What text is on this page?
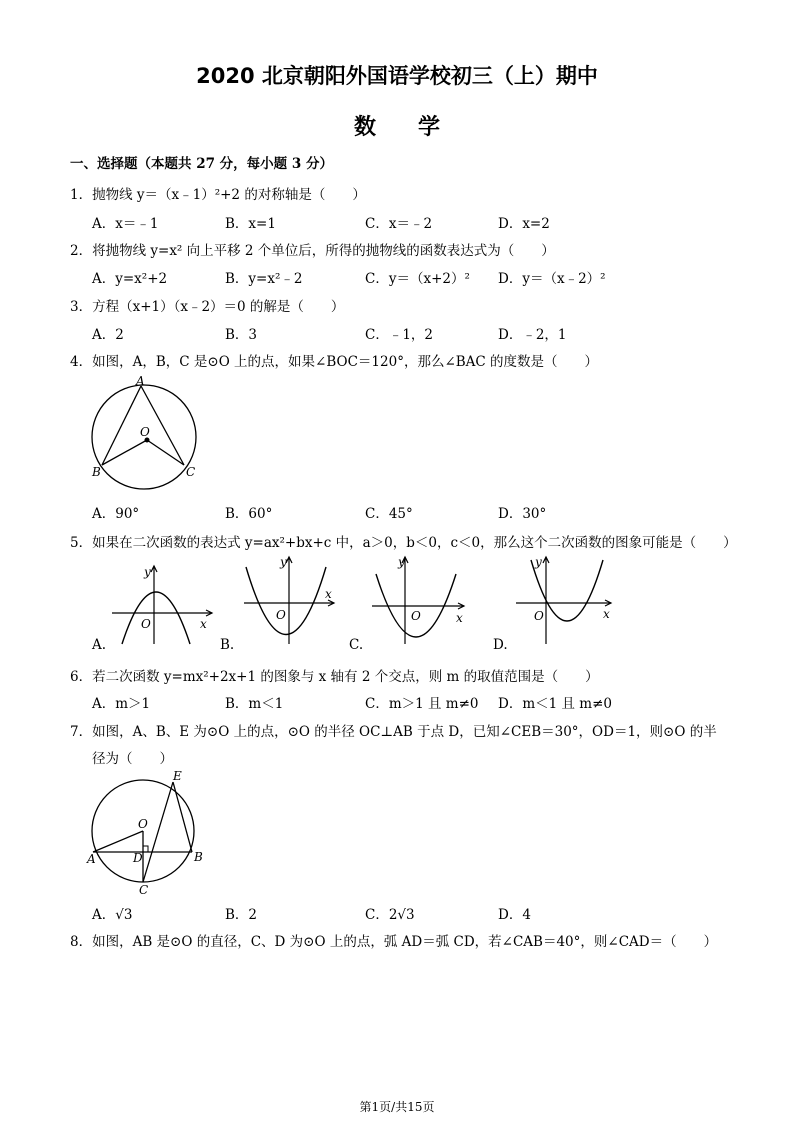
2020 北京朝阳外国语学校初三（上）期中
数学
一、选择题（本题共 27 分，每小题 3 分）
1．抛物线 y＝（x﹣1）²+2 的对称轴是（　　）
A．x＝﹣1	B．x=1	C．x＝﹣2	D．x=2
2．将抛物线 y=x² 向上平移 2 个单位后，所得的抛物线的函数表达式为（　　）
A．y=x²+2	B．y=x²﹣2	C．y＝（x+2）² D．y＝（x﹣2）²
3．方程（x+1）（x﹣2）＝0 的解是（　　）
A．2	B．3	C．﹣1，2	D．﹣2，1
4．如图，A，B，C 是⊙O 上的点，如果∠BOC＝120°，那么∠BAC 的度数是（　　）
A
O
B	C
A．90°	B．60°	C．45°	D．30°
5．如果在二次函数的表达式 y=ax²+bx+c 中，a＞0，b＜0，c＜0，那么这个二次函数的图象可能是（　　）
y
x
O
y
x
O
y
x
O
y
x
O
A.	B.	C.	D.
6．若二次函数 y=mx²+2x+1 的图象与 x 轴有 2 个交点，则 m 的取值范围是（　　）
A．m＞1	B．m＜1	C．m＞1 且 m≠0 D．m＜1 且 m≠0
7．如图，A、B、E 为⊙O 上的点，⊙O 的半径 OC⊥AB 于点 D，已知∠CEB＝30°，OD＝1，则⊙O 的半
径为（　　）
E
O
A	D	B
C
A．√3	B．2	C．2√3	D．4
8．如图，AB 是⊙O 的直径，C、D 为⊙O 上的点，弧 AD＝弧 CD，若∠CAB＝40°，则∠CAD＝（　　）
第1页/共15页
